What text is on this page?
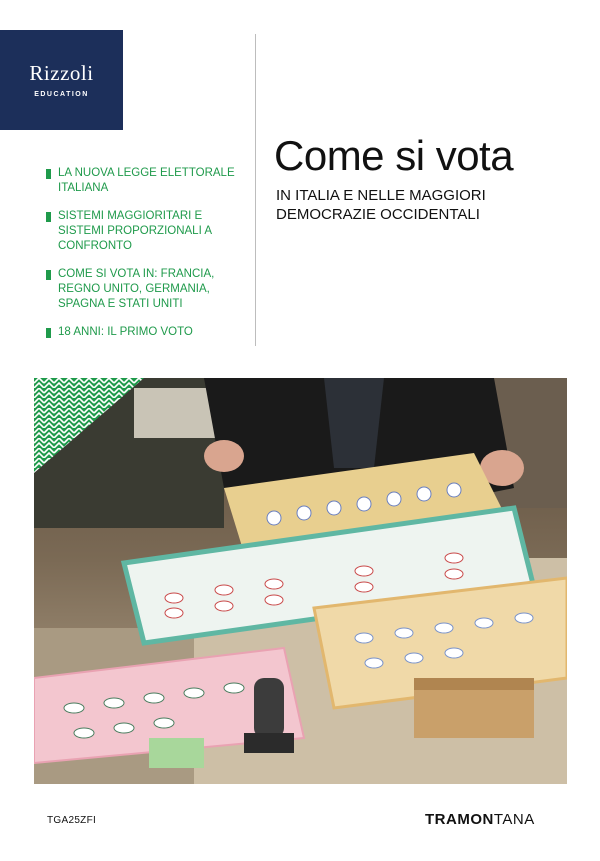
Rizzoli
EDUCATION
LA NUOVA LEGGE ELETTORALE ITALIANA
SISTEMI MAGGIORITARI E SISTEMI PROPORZIONALI A CONFRONTO
COME SI VOTA IN: FRANCIA, REGNO UNITO, GERMANIA, SPAGNA E STATI UNITI
18 ANNI: IL PRIMO VOTO
Come si vota
IN ITALIA E NELLE MAGGIORI DEMOCRAZIE OCCIDENTALI
TGA25ZFI	TRAMONTANA
